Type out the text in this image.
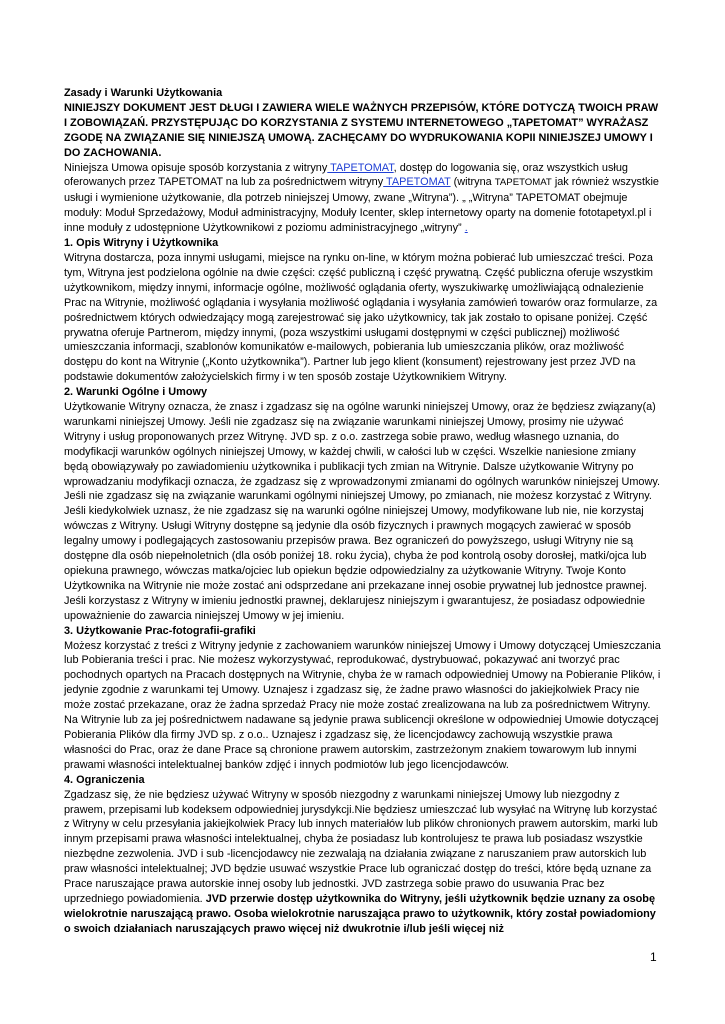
Zasady i Warunki Użytkowania

NINIEJSZY DOKUMENT JEST DŁUGI I ZAWIERA WIELE WAŻNYCH PRZEPISÓW, KTÓRE DOTYCZĄ TWOICH PRAW I ZOBOWIĄZAŃ. PRZYSTĘPUJĄC DO KORZYSTANIA Z SYSTEMU INTERNETOWEGO „TAPETOMAT” WYRAŻASZ ZGODĘ NA ZWIĄZANIE SIĘ NINIEJSZĄ UMOWĄ. ZACHĘCAMY DO WYDRUKOWANIA KOPII NINIEJSZEJ UMOWY I DO ZACHOWANIA.

Niniejsza Umowa opisuje sposób korzystania z witryny TAPETOMAT, dostęp do logowania się, oraz wszystkich usług oferowanych przez TAPETOMAT na lub za pośrednictwem witryny TAPETOMAT (witryna TAPETOMAT jak również wszystkie usługi i wymienione użytkowanie, dla potrzeb niniejszej Umowy, zwane „Witryna”). „ „Witryna” TAPETOMAT obejmuje moduły: Moduł Sprzedażowy, Moduł administracyjny, Moduły Icenter, sklep internetowy oparty na domenie fototapetyxl.pl i inne moduły z udostępnione Użytkownikowi z poziomu administracyjnego „witryny” .

1. Opis Witryny i Użytkownika

Witryna dostarcza, poza innymi usługami, miejsce na rynku on-line, w którym można pobierać lub umieszczać treści. Poza tym, Witryna jest podzielona ogólnie na dwie części: część publiczną i część prywatną. Część publiczna oferuje wszystkim użytkownikom, między innymi, informacje ogólne, możliwość oglądania oferty, wyszukiwarkę umożliwiającą odnalezienie Prac na Witrynie, możliwość oglądania i wysyłania możliwość oglądania i wysyłania zamówień towarów oraz formularze, za pośrednictwem których odwiedzający mogą zarejestrować się jako użytkownicy, tak jak zostało to opisane poniżej. Część prywatna oferuje Partnerom, między innymi, (poza wszystkimi usługami dostępnymi w części publicznej) możliwość umieszczania informacji, szablonów komunikatów e-mailowych, pobierania lub umieszczania plików, oraz możliwość dostępu do kont na Witrynie („Konto użytkownika”). Partner lub jego klient (konsument) rejestrowany jest przez JVD na podstawie dokumentów założycielskich firmy i w ten sposób zostaje Użytkownikiem Witryny.

2. Warunki Ogólne i Umowy

Użytkowanie Witryny oznacza, że znasz i zgadzasz się na ogólne warunki niniejszej Umowy, oraz że będziesz związany(a) warunkami niniejszej Umowy. Jeśli nie zgadzasz się na związanie warunkami niniejszej Umowy, prosimy nie używać Witryny i usług proponowanych przez Witrynę. JVD sp. z o.o. zastrzega sobie prawo, według własnego uznania, do modyfikacji warunków ogólnych niniejszej Umowy, w każdej chwili, w całości lub w części. Wszelkie naniesione zmiany będą obowiązywały po zawiadomieniu użytkownika i publikacji tych zmian na Witrynie. Dalsze użytkowanie Witryny po wprowadzaniu modyfikacji oznacza, że zgadzasz się z wprowadzonymi zmianami do ogólnych warunków niniejszej Umowy. Jeśli nie zgadzasz się na związanie warunkami ogólnymi niniejszej Umowy, po zmianach, nie możesz korzystać z Witryny. Jeśli kiedykolwiek uznasz, że nie zgadzasz się na warunki ogólne niniejszej Umowy, modyfikowane lub nie, nie korzystaj wówczas z Witryny. Usługi Witryny dostępne są jedynie dla osób fizycznych i prawnych mogących zawierać w sposób legalny umowy i podlegających zastosowaniu przepisów prawa. Bez ograniczeń do powyższego, usługi Witryny nie są dostępne dla osób niepełnoletnich (dla osób poniżej 18. roku życia), chyba że pod kontrolą osoby dorosłej, matki/ojca lub opiekuna prawnego, wówczas matka/ojciec lub opiekun będzie odpowiedzialny za użytkowanie Witryny. Twoje Konto Użytkownika na Witrynie nie może zostać ani odsprzedane ani przekazane innej osobie prywatnej lub jednostce prawnej. Jeśli korzystasz z Witryny w imieniu jednostki prawnej, deklarujesz niniejszym i gwarantujesz, że posiadasz odpowiednie upoważnienie do zawarcia niniejszej Umowy w jej imieniu.

3. Użytkowanie Prac-fotografii-grafiki

Możesz korzystać z treści z Witryny jedynie z zachowaniem warunków niniejszej Umowy i Umowy dotyczącej Umieszczania lub Pobierania treści i prac. Nie możesz wykorzystywać, reprodukować, dystrybuować, pokazywać ani tworzyć prac pochodnych opartych na Pracach dostępnych na Witrynie, chyba że w ramach odpowiedniej Umowy na Pobieranie Plików, i jedynie zgodnie z warunkami tej Umowy. Uznajesz i zgadzasz się, że żadne prawo własności do jakiejkolwiek Pracy nie może zostać przekazane, oraz że żadna sprzedaż Pracy nie może zostać zrealizowana na lub za pośrednictwem Witryny. Na Witrynie lub za jej pośrednictwem nadawane są jedynie prawa sublicencji określone w odpowiedniej Umowie dotyczącej Pobierania Plików dla firmy JVD sp. z o.o.. Uznajesz i zgadzasz się, że licencjodawcy zachowują wszystkie prawa własności do Prac, oraz że dane Prace są chronione prawem autorskim, zastrzeżonym znakiem towarowym lub innymi prawami własności intelektualnej banków zdjęć i innych podmiotów lub jego licencjodawców.

4. Ograniczenia

Zgadzasz się, że nie będziesz używać Witryny w sposób niezgodny z warunkami niniejszej Umowy lub niezgodny z prawem, przepisami lub kodeksem odpowiedniej jurysdykcji.Nie będziesz umieszczać lub wysyłać na Witrynę lub korzystać z Witryny w celu przesyłania jakiejkolwiek Pracy lub innych materiałów lub plików chronionych prawem autorskim, marki lub innym przepisami prawa własności intelektualnej, chyba że posiadasz lub kontrolujesz te prawa lub posiadasz wszystkie niezbędne zezwolenia. JVD i sub -licencjodawcy nie zezwalają na działania związane z naruszaniem praw autorskich lub praw własności intelektualnej; JVD będzie usuwać wszystkie Prace lub ograniczać dostęp do treści, które będą uznane za Prace naruszające prawa autorskie innej osoby lub jednostki. JVD zastrzega sobie prawo do usuwania Prac bez uprzedniego powiadomienia. JVD przerwie dostęp użytkownika do Witryny, jeśli użytkownik będzie uznany za osobę wielokrotnie naruszającą prawo. Osoba wielokrotnie naruszająca prawo to użytkownik, który został powiadomiony o swoich działaniach naruszających prawo więcej niż dwukrotnie i/lub jeśli więcej niż

1
